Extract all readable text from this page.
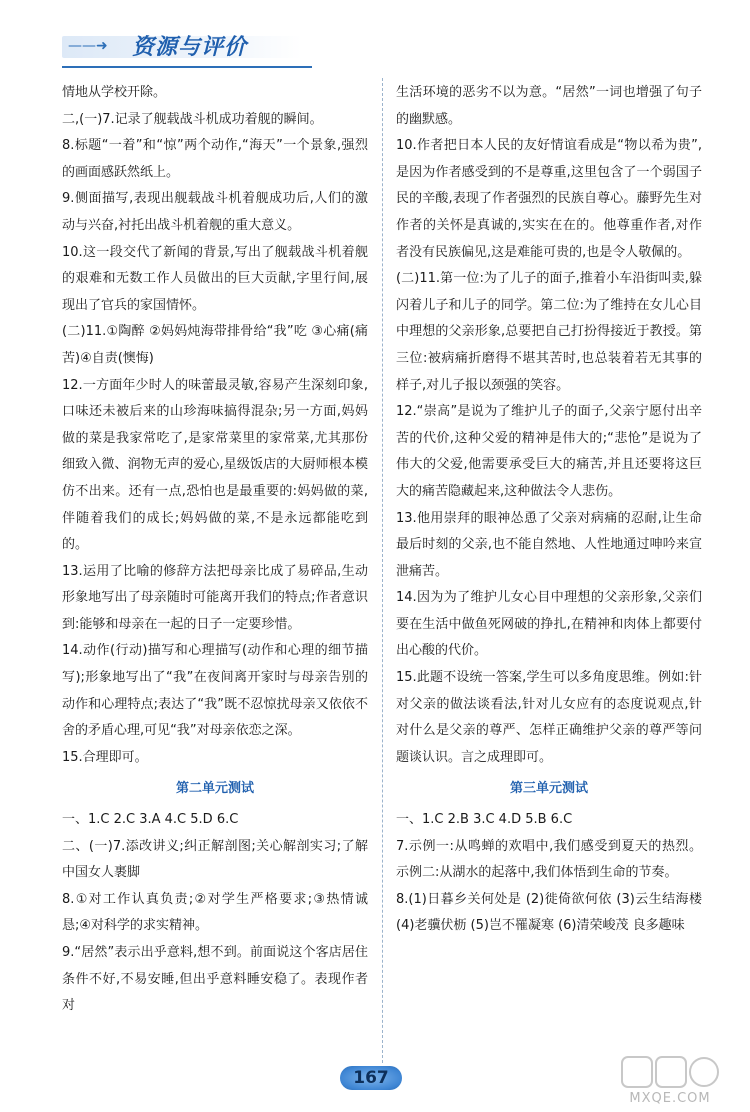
——➜ 资源与评价

情地从学校开除。

二,(一)7.记录了舰载战斗机成功着舰的瞬间。

8.标题“一着”和“惊”两个动作,“海天”一个景象,强烈的画面感跃然纸上。

9.侧面描写,表现出舰载战斗机着舰成功后,人们的激动与兴奋,衬托出战斗机着舰的重大意义。

10.这一段交代了新闻的背景,写出了舰载战斗机着舰的艰难和无数工作人员做出的巨大贡献,字里行间,展现出了官兵的家国情怀。

(二)11.①陶醉 ②妈妈炖海带排骨给“我”吃 ③心痛(痛苦)④自责(懊悔)

12.一方面年少时人的味蕾最灵敏,容易产生深刻印象,口味还未被后来的山珍海味搞得混杂;另一方面,妈妈做的菜是我家常吃了,是家常菜里的家常菜,尤其那份细致入微、润物无声的爱心,星级饭店的大厨师根本模仿不出来。还有一点,恐怕也是最重要的:妈妈做的菜,伴随着我们的成长;妈妈做的菜,不是永远都能吃到的。

13.运用了比喻的修辞方法把母亲比成了易碎品,生动形象地写出了母亲随时可能离开我们的特点;作者意识到:能够和母亲在一起的日子一定要珍惜。

14.动作(行动)描写和心理描写(动作和心理的细节描写);形象地写出了“我”在夜间离开家时与母亲告别的动作和心理特点;表达了“我”既不忍惊扰母亲又依依不舍的矛盾心理,可见“我”对母亲依恋之深。

15.合理即可。

第二单元测试

一、1.C 2.C 3.A 4.C 5.D 6.C

二、(一)7.添改讲义;纠正解剖图;关心解剖实习;了解中国女人裹脚

8.①对工作认真负责;②对学生严格要求;③热情诚恳;④对科学的求实精神。

9.“居然”表示出乎意料,想不到。前面说这个客店居住条件不好,不易安睡,但出乎意料睡安稳了。表现作者对

生活环境的恶劣不以为意。“居然”一词也增强了句子的幽默感。

10.作者把日本人民的友好情谊看成是“物以希为贵”,是因为作者感受到的不是尊重,这里包含了一个弱国子民的辛酸,表现了作者强烈的民族自尊心。藤野先生对作者的关怀是真诚的,实实在在的。他尊重作者,对作者没有民族偏见,这是难能可贵的,也是令人敬佩的。

(二)11.第一位:为了儿子的面子,推着小车沿街叫卖,躲闪着儿子和儿子的同学。第二位:为了维持在女儿心目中理想的父亲形象,总要把自己打扮得接近于教授。第三位:被病痛折磨得不堪其苦时,也总装着若无其事的样子,对儿子报以颈强的笑容。

12.“崇高”是说为了维护儿子的面子,父亲宁愿付出辛苦的代价,这种父爱的精神是伟大的;“悲怆”是说为了伟大的父爱,他需要承受巨大的痛苦,并且还要将这巨大的痛苦隐藏起来,这种做法令人悲伤。

13.他用崇拜的眼神怂恿了父亲对病痛的忍耐,让生命最后时刻的父亲,也不能自然地、人性地通过呻吟来宣泄痛苦。

14.因为为了维护儿女心目中理想的父亲形象,父亲们要在生活中做鱼死网破的挣扎,在精神和肉体上都要付出心酸的代价。

15.此题不设统一答案,学生可以多角度思维。例如:针对父亲的做法谈看法,针对儿女应有的态度说观点,针对什么是父亲的尊严、怎样正确维护父亲的尊严等问题谈认识。言之成理即可。

第三单元测试

一、1.C 2.B 3.C 4.D 5.B 6.C

7.示例一:从鸣蝉的欢唱中,我们感受到夏天的热烈。示例二:从湖水的起落中,我们体悟到生命的节奏。

8.(1)日暮乡关何处是 (2)徙倚欲何依 (3)云生结海楼 (4)老骥伏枥 (5)岂不罹凝寒 (6)清荣峻茂 良多趣味

167
MXQE.COM
